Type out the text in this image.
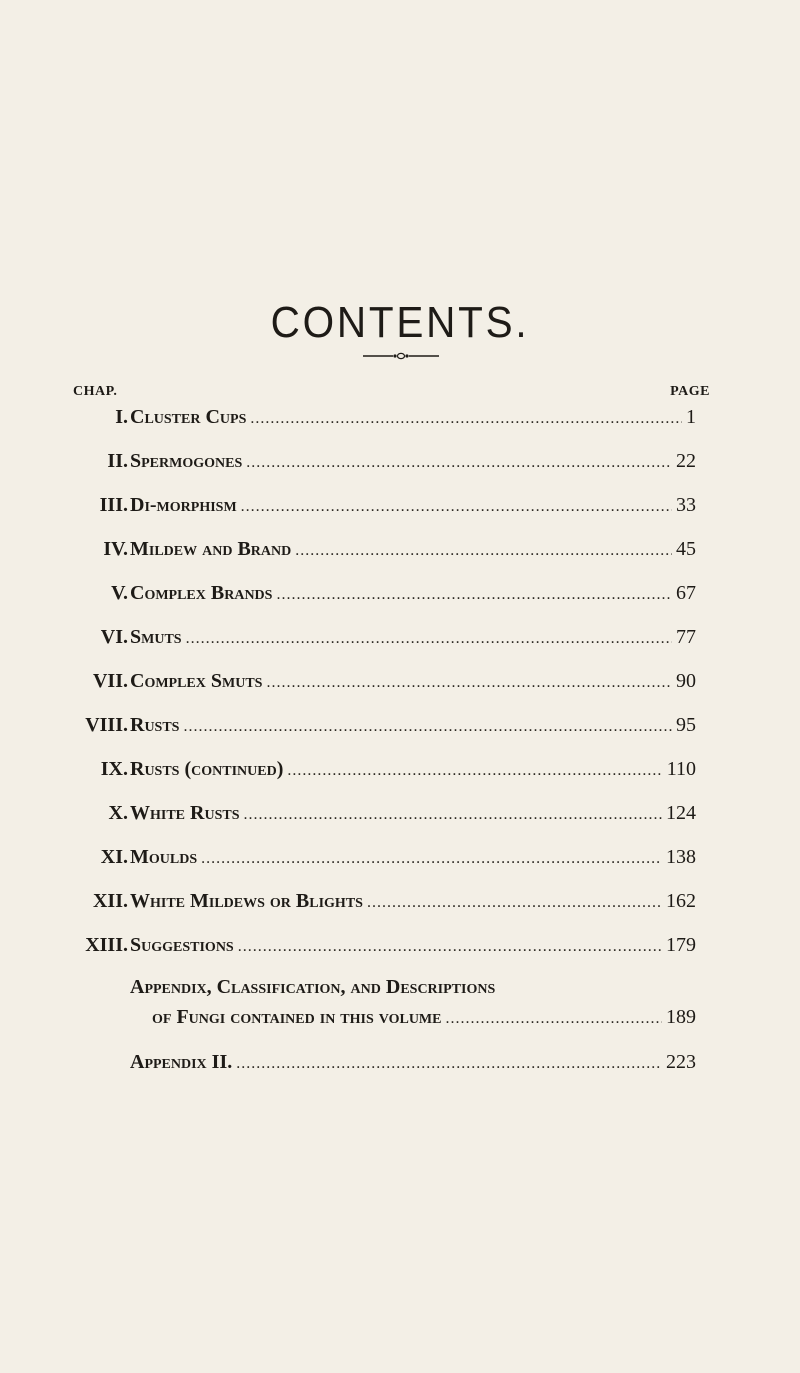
CONTENTS.
CHAP.	PAGE
I. Cluster Cups .....	1
II. Spermogones .....	22
III. Di-morphism .....	33
IV. Mildew and Brand .....	45
V. Complex Brands .....	67
VI. Smuts .....	77
VII. Complex Smuts .....	90
VIII. Rusts .....	95
IX. Rusts (continued) .....	110
X. White Rusts .....	124
XI. Moulds .....	138
XII. White Mildews or Blights .....	162
XIII. Suggestions .....	179
Appendix, Classification, and Descriptions
of Fungi contained in this volume .....	189
Appendix II. .....	223
